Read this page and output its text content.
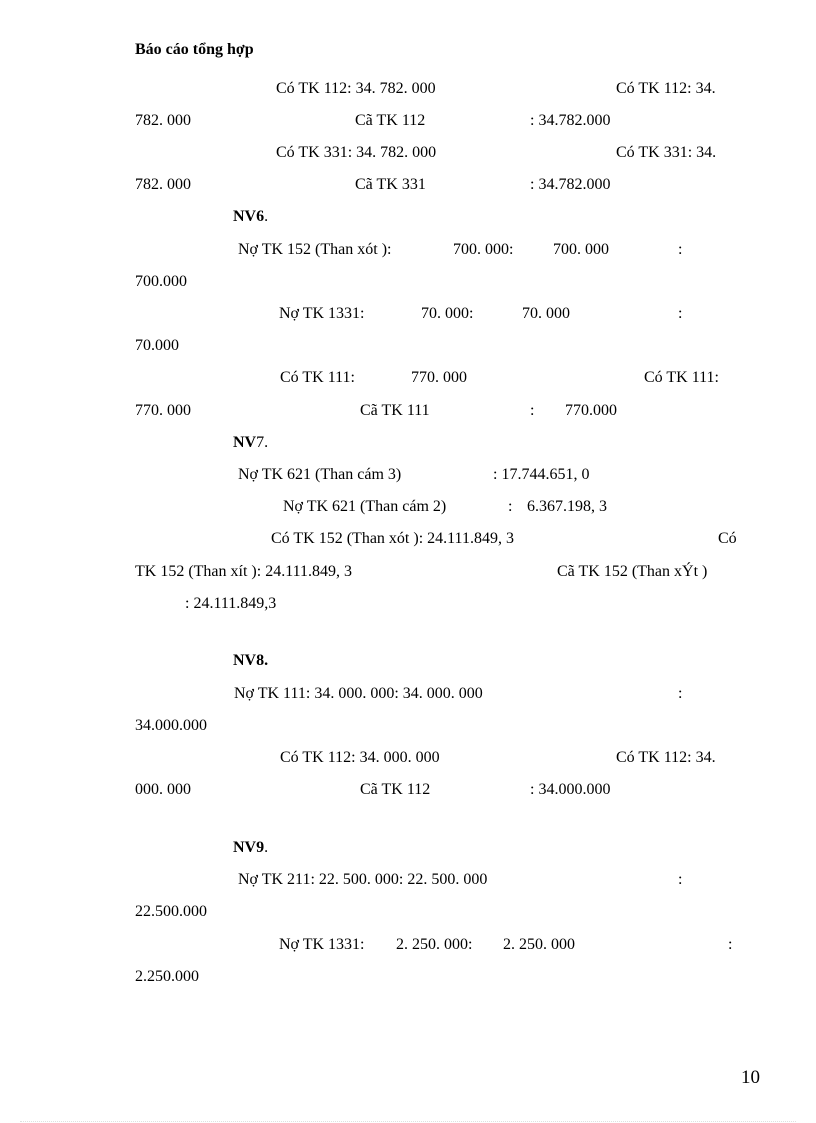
Báo cáo tổng hợp
Có TK 112: 34. 782. 000	Có TK 112: 34.
782. 000	Cã TK 112	: 34.782.000
Có TK 331: 34. 782. 000	Có TK 331: 34.
782. 000	Cã TK 331	: 34.782.000
NV6.
Nợ TK 152 (Than xót ):	700. 000: 700. 000	:
700.000
Nợ TK 1331:	70. 000:	70. 000	:
70.000
Có TK 111:	770. 000	Có TK 111:
770. 000	Cã TK 111	: 770.000
NV7.
Nợ TK 621 (Than cám 3)	: 17.744.651, 0
Nợ TK 621 (Than cám 2)	: 6.367.198, 3
Có TK 152 (Than xót ): 24.111.849, 3	Có
TK 152 (Than xít ): 24.111.849, 3	Cã TK 152 (Than xÝt )
: 24.111.849,3
NV8.
Nợ TK 111: 34. 000. 000: 34. 000. 000	:
34.000.000
Có TK 112: 34. 000. 000	Có TK 112: 34.
000. 000	Cã TK 112	: 34.000.000
NV9.
Nợ TK 211: 22. 500. 000: 22. 500. 000	:
22.500.000
Nợ TK 1331: 2. 250. 000: 2. 250. 000	:
2.250.000
10
